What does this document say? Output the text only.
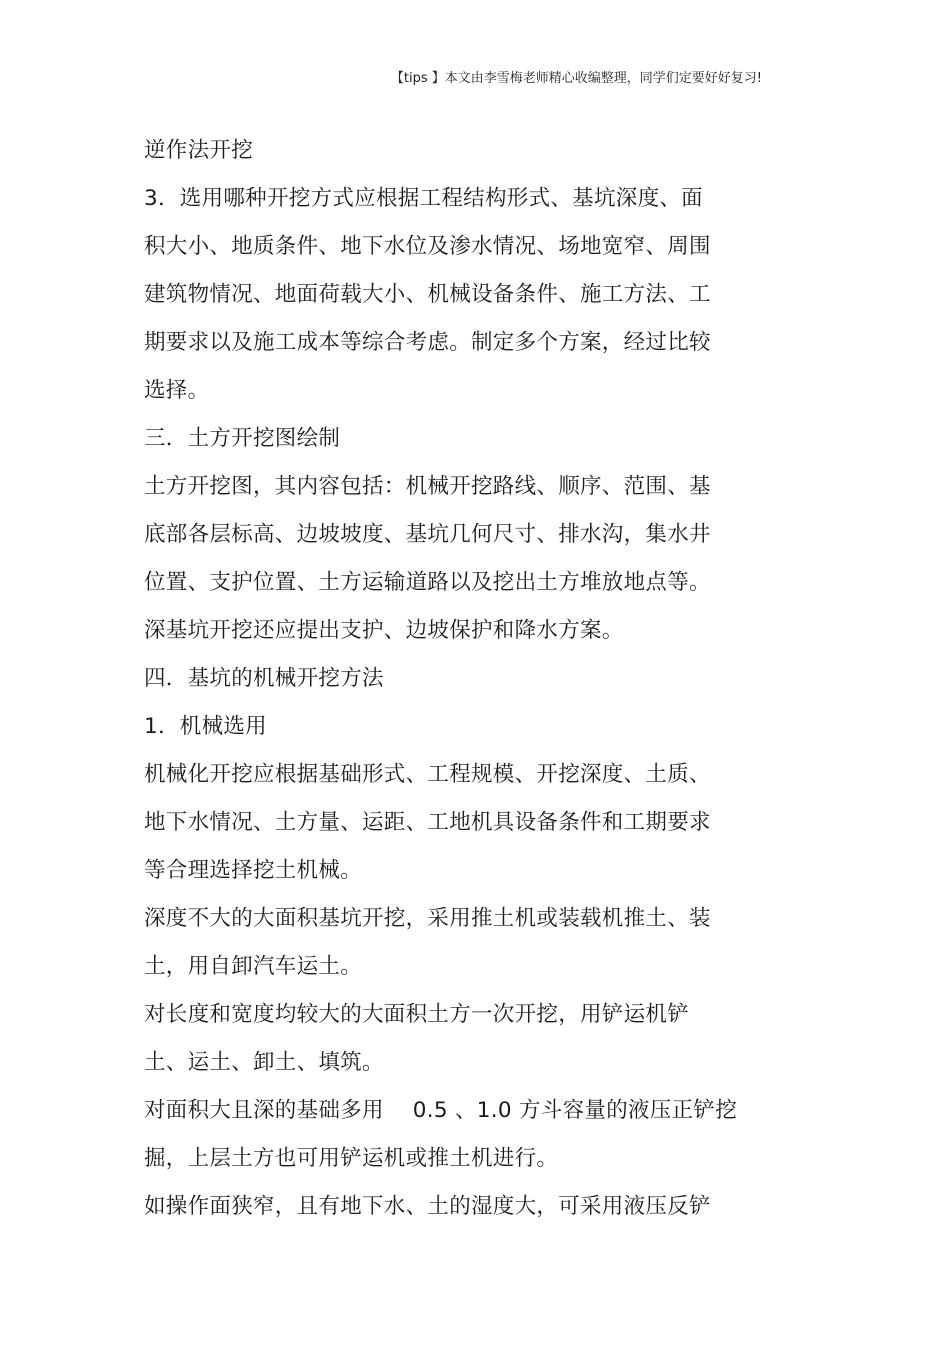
【tips 】本文由李雪梅老师精心收编整理，同学们定要好好复习!
逆作法开挖
3．选用哪种开挖方式应根据工程结构形式、基坑深度、面
积大小、地质条件、地下水位及渗水情况、场地宽窄、周围
建筑物情况、地面荷载大小、机械设备条件、施工方法、工
期要求以及施工成本等综合考虑。制定多个方案，经过比较
选择。
三．土方开挖图绘制
土方开挖图，其内容包括：机械开挖路线、顺序、范围、基
底部各层标高、边坡坡度、基坑几何尺寸、排水沟，集水井
位置、支护位置、土方运输道路以及挖出土方堆放地点等。
深基坑开挖还应提出支护、边坡保护和降水方案。
四．基坑的机械开挖方法
1．机械选用
机械化开挖应根据基础形式、工程规模、开挖深度、土质、
地下水情况、土方量、运距、工地机具设备条件和工期要求
等合理选择挖土机械。
深度不大的大面积基坑开挖，采用推土机或装载机推土、装
土，用自卸汽车运土。
对长度和宽度均较大的大面积土方一次开挖，用铲运机铲
土、运土、卸土、填筑。
对面积大且深的基础多用　 0.5 、1.0 方斗容量的液压正铲挖
掘，上层土方也可用铲运机或推土机进行。
如操作面狭窄，且有地下水、土的湿度大，可采用液压反铲
